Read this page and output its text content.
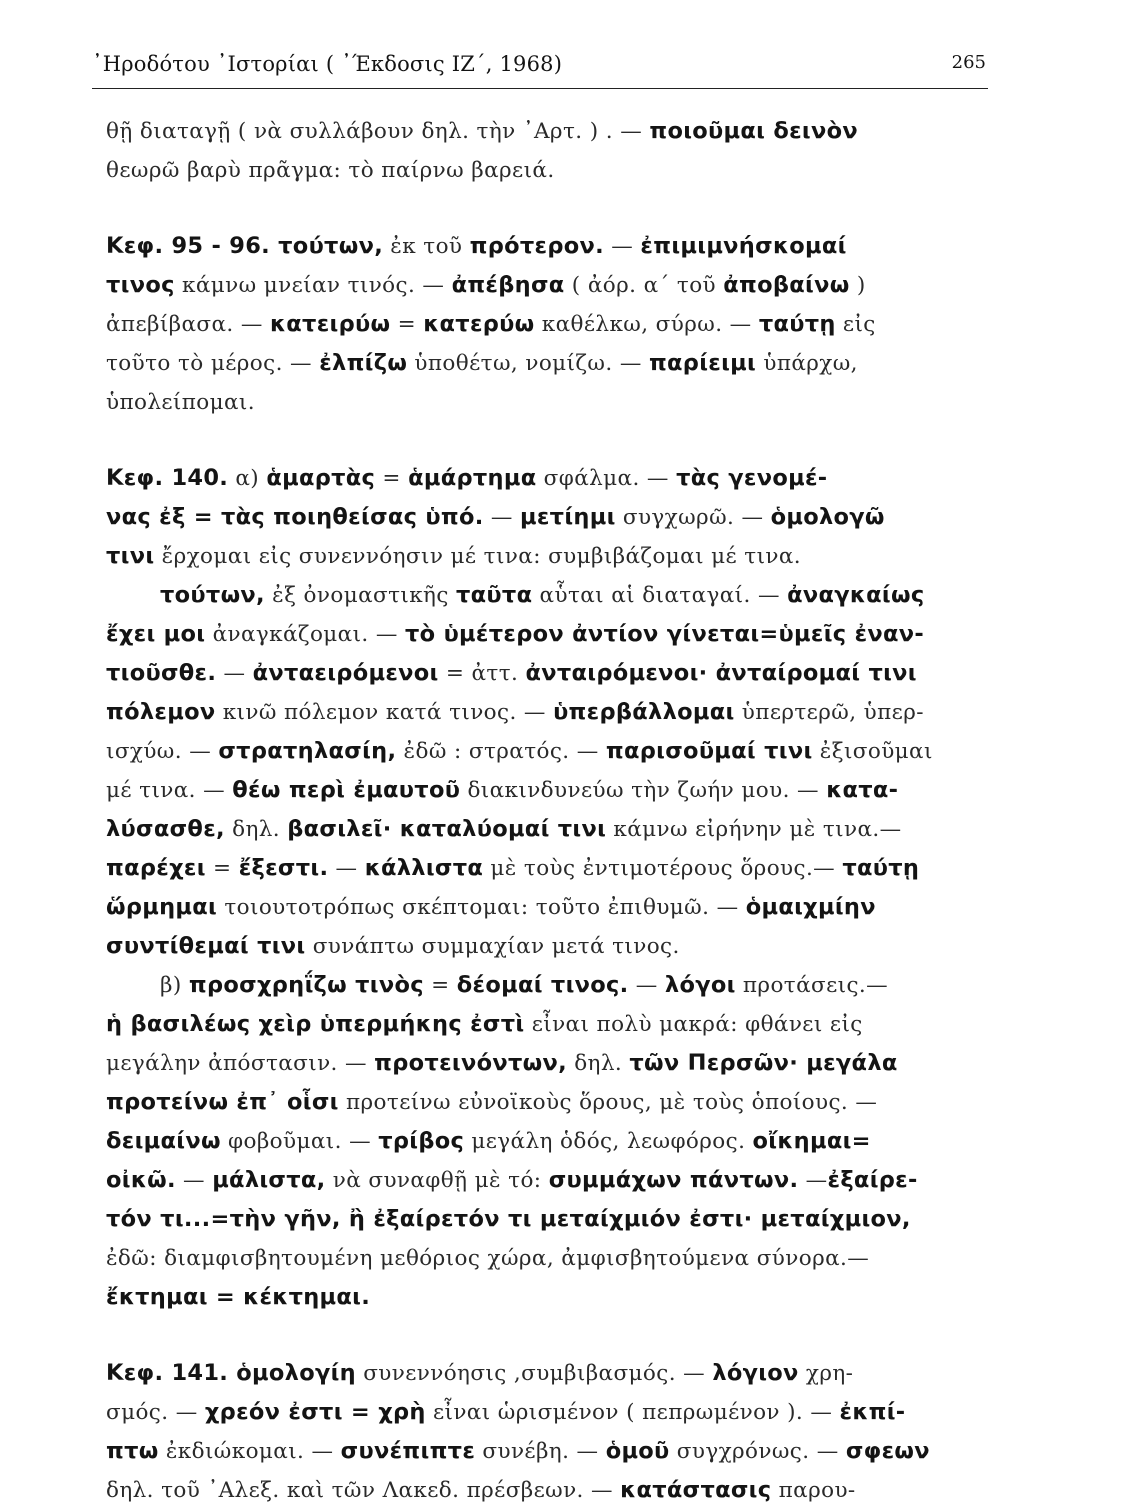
᾿Ηροδότου ᾿Ιστορίαι ( ᾿Έκδοσις ΙΖ´, 1968)	265
θῇ διαταγῇ ( νὰ συλλάβουν δηλ. τὴν ᾿Αρτ. ) . — ποιοῦμαι δεινὸν
θεωρῶ βαρὺ πρᾶγμα: τὸ παίρνω βαρειά.
Κεφ. 95 - 96. τούτων, ἐκ τοῦ πρότερον. — ἐπιμιμνήσκομαί
τινος κάμνω μνείαν τινός. — ἀπέβησα ( ἀόρ. α´ τοῦ ἀποβαίνω )
ἀπεβίβασα. — κατειρύω = κατερύω καθέλκω, σύρω. — ταύτῃ εἰς
τοῦτο τὸ μέρος. — ἐλπίζω ὑποθέτω, νομίζω. — παρίειμι ὑπάρχω,
ὑπολείπομαι.
Κεφ. 140. α) ἁμαρτὰς = ἁμάρτημα σφάλμα. — τὰς γενομέ-
νας ἐξ = τὰς ποιηθείσας ὑπό. — μετίημι συγχωρῶ. — ὁμολογῶ
τινι ἔρχομαι εἰς συνεννόησιν μέ τινα: συμβιβάζομαι μέ τινα.
τούτων, ἐξ ὀνομαστικῆς ταῦτα αὗται αἱ διαταγαί. — ἀναγκαίως
ἔχει μοι ἀναγκάζομαι. — τὸ ὑμέτερον ἀντίον γίνεται=ὑμεῖς ἐναν-
τιοῦσθε. — ἀνταειρόμενοι = ἀττ. ἀνταιρόμενοι· ἀνταίρομαί τινι
πόλεμον κινῶ πόλεμον κατά τινος. — ὑπερβάλλομαι ὑπερτερῶ, ὑπερ-
ισχύω. — στρατηλασίη, ἐδῶ : στρατός. — παρισοῦμαί τινι ἐξισοῦμαι
μέ τινα. — θέω περὶ ἐμαυτοῦ διακινδυνεύω τὴν ζωήν μου. — κατα-
λύσασθε, δηλ. βασιλεῖ· καταλύομαί τινι κάμνω εἰρήνην μὲ τινα.—
παρέχει = ἔξεστι. — κάλλιστα μὲ τοὺς ἐντιμοτέρους ὅρους.— ταύτῃ
ὥρμημαι τοιουτοτρόπως σκέπτομαι: τοῦτο ἐπιθυμῶ. — ὁμαιχμίην
συντίθεμαί τινι συνάπτω συμμαχίαν μετά τινος.
β) προσχρηΐζω τινὸς = δέομαί τινος. — λόγοι προτάσεις.—
ἡ βασιλέως χεὶρ ὑπερμήκης ἐστὶ εἶναι πολὺ μακρά: φθάνει εἰς
μεγάλην ἀπόστασιν. — προτεινόντων, δηλ. τῶν Περσῶν· μεγάλα
προτείνω ἐπ᾿ οἷσι προτείνω εὐνοϊκοὺς ὅρους, μὲ τοὺς ὁποίους. —
δειμαίνω φοβοῦμαι. — τρίβος μεγάλη ὁδός, λεωφόρος. οἴκημαι=
οἰκῶ. — μάλιστα, νὰ συναφθῇ μὲ τό: συμμάχων πάντων. —ἐξαίρε-
τόν τι...=τὴν γῆν, ἢ ἐξαίρετόν τι μεταίχμιόν ἐστι· μεταίχμιον,
ἐδῶ: διαμφισβητουμένη μεθόριος χώρα, ἀμφισβητούμενα σύνορα.—
ἔκτημαι = κέκτημαι.
Κεφ. 141. ὁμολογίη συνεννόησις ,συμβιβασμός. — λόγιον χρη-
σμός. — χρεόν ἐστι = χρὴ εἶναι ὡρισμένον ( πεπρωμένον ). — ἐκπί-
πτω ἐκδιώκομαι. — συνέπιπτε συνέβη. — ὁμοῦ συγχρόνως. — σφεων
δηλ. τοῦ ᾿Αλεξ. καὶ τῶν Λακεδ. πρέσβεων. — κατάστασις παρου-
